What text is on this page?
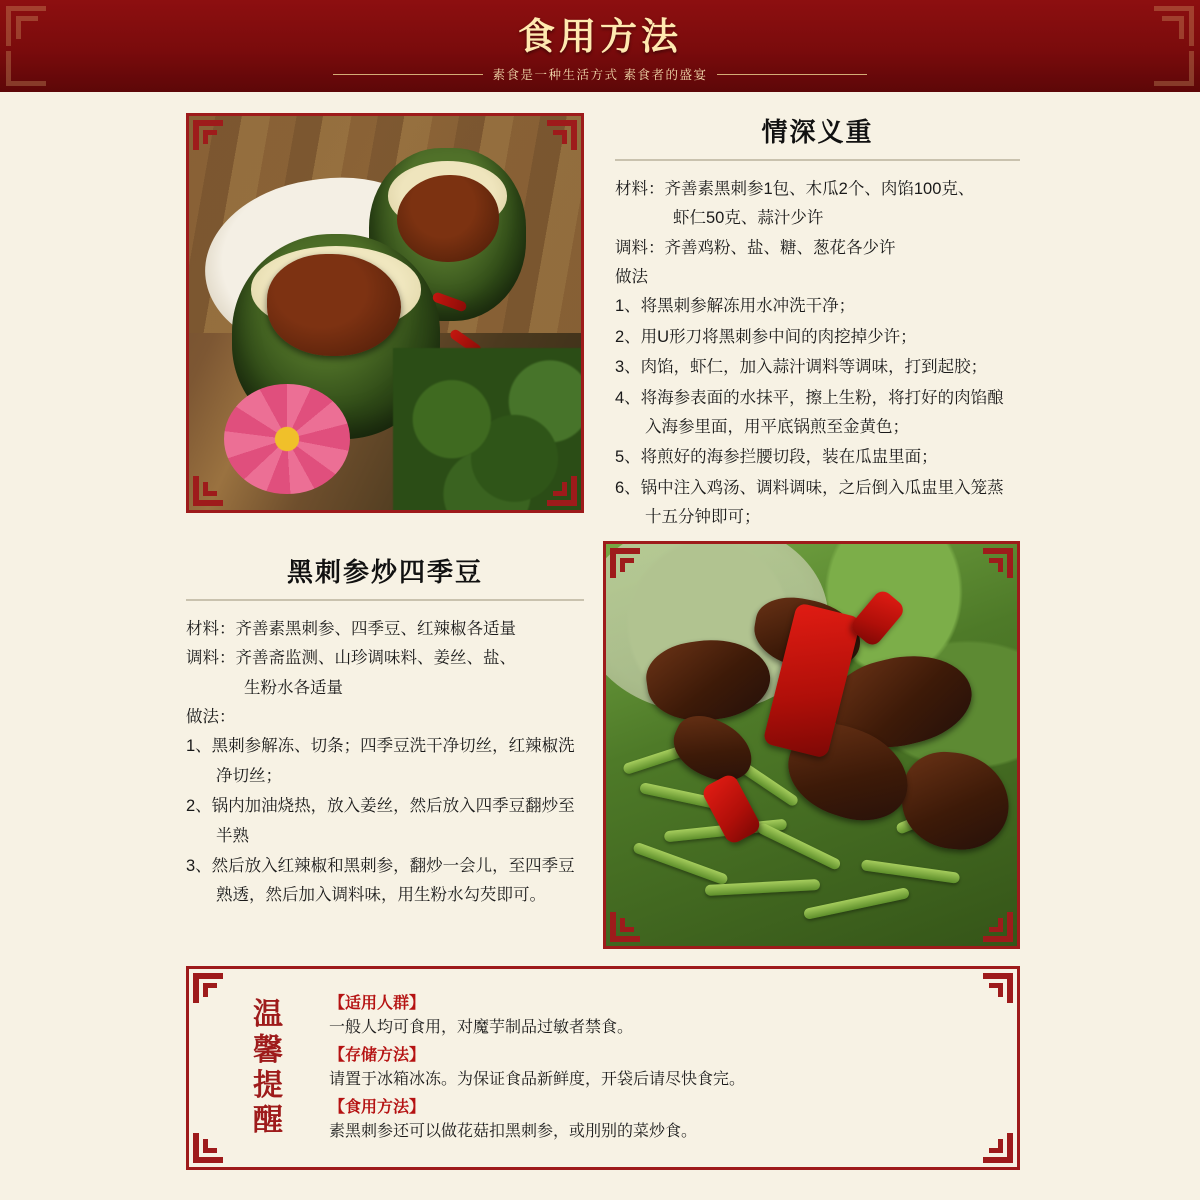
食用方法
素食是一种生活方式 素食者的盛宴
情深义重
材料：齐善素黑刺参1包、木瓜2个、肉馅100克、
虾仁50克、蒜汁少许
调料：齐善鸡粉、盐、糖、葱花各少许
做法
1、将黑刺参解冻用水冲洗干净；
2、用U形刀将黑刺参中间的肉挖掉少许；
3、肉馅，虾仁，加入蒜汁调料等调味，打到起胶；
4、将海参表面的水抹平，擦上生粉，将打好的肉馅酿入海参里面，用平底锅煎至金黄色；
5、将煎好的海参拦腰切段，装在瓜盅里面；
6、锅中注入鸡汤、调料调味，之后倒入瓜盅里入笼蒸十五分钟即可；
黑刺参炒四季豆
材料：齐善素黑刺参、四季豆、红辣椒各适量
调料：齐善斋监测、山珍调味料、姜丝、盐、
生粉水各适量
做法：
1、黑刺参解冻、切条；四季豆洗干净切丝，红辣椒洗净切丝；
2、锅内加油烧热，放入姜丝，然后放入四季豆翻炒至半熟
3、然后放入红辣椒和黑刺参，翻炒一会儿，至四季豆熟透，然后加入调料味，用生粉水勾芡即可。
温
馨
提
醒
【适用人群】

一般人均可食用，对魔芋制品过敏者禁食。

【存储方法】

请置于冰箱冰冻。为保证食品新鲜度，开袋后请尽快食完。

【食用方法】

素黑刺参还可以做花菇扣黑刺参，或刖别的菜炒食。
